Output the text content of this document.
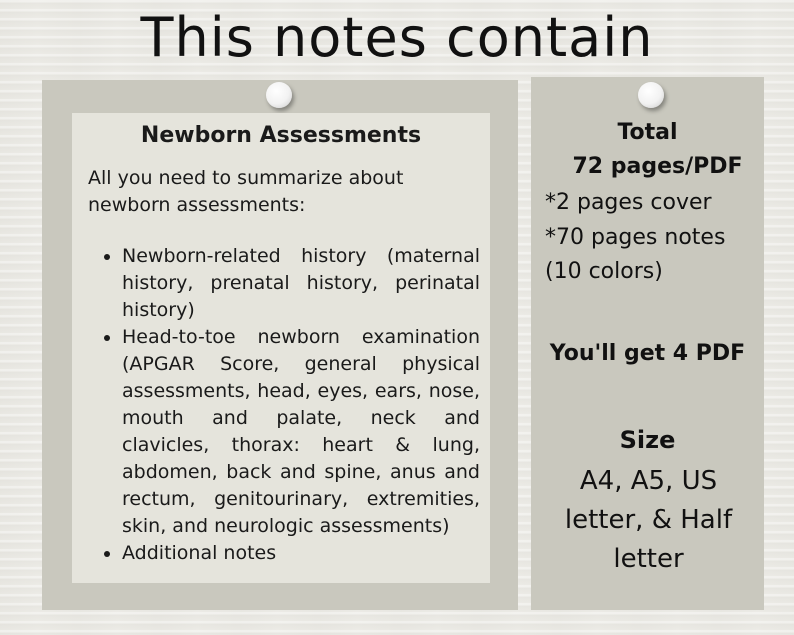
This notes contain
Newborn Assessments
All you need to summarize about newborn assessments:
• Newborn-related history (maternal history, prenatal history, perinatal history)
• Head-to-toe newborn examination (APGAR Score, general physical assessments, head, eyes, ears, nose, mouth and palate, neck and clavicles, thorax: heart & lung, abdomen, back and spine, anus and rectum, genitourinary, extremities, skin, and neurologic assessments)
• Additional notes
Total
72 pages/PDF
*2 pages cover
*70 pages notes
(10 colors)
You'll get 4 PDF
Size
A4, A5, US letter, & Half letter
